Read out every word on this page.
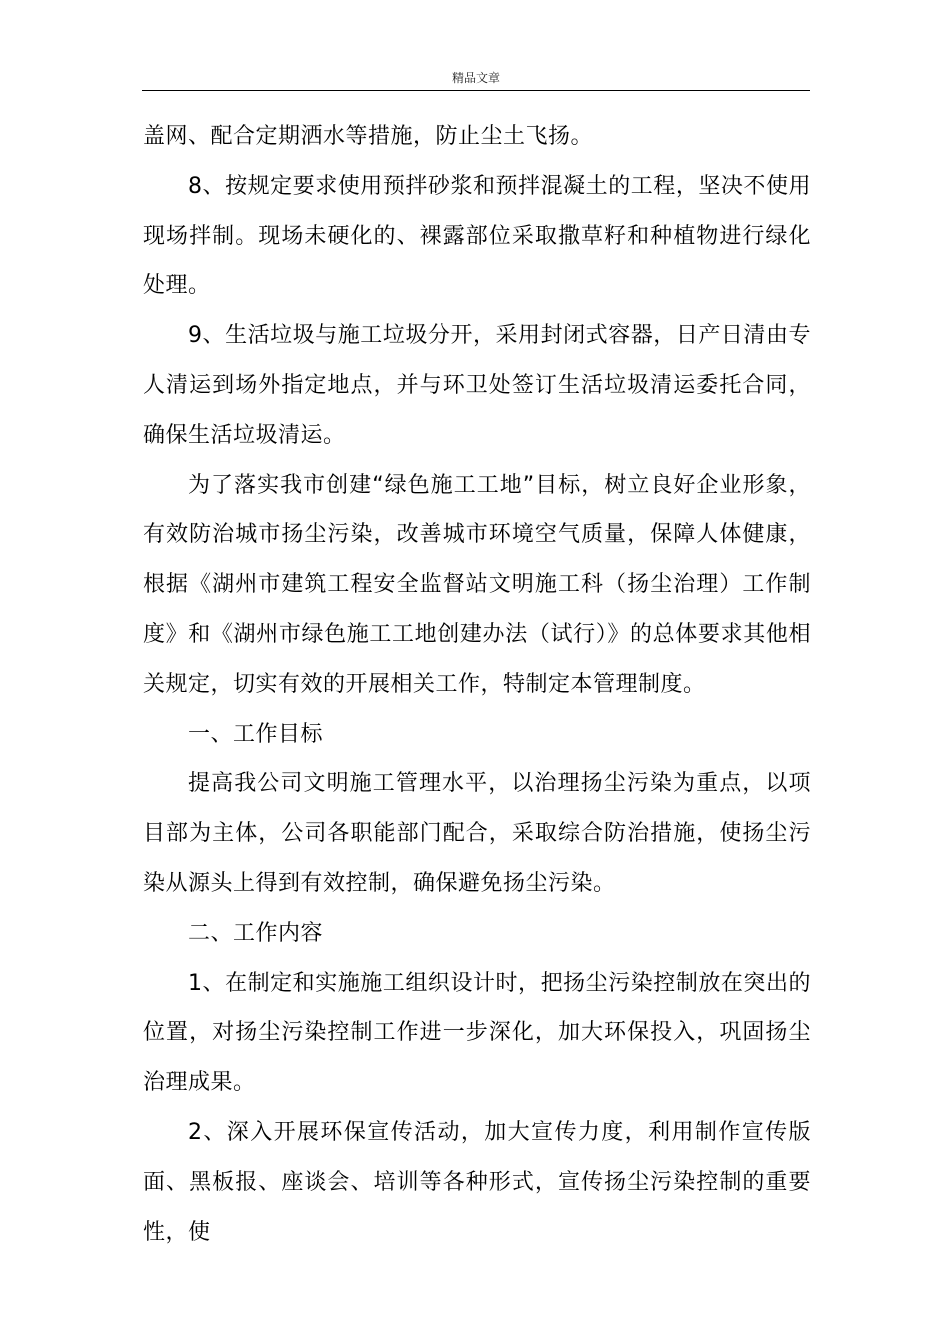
精品文章

盖网、配合定期洒水等措施，防止尘土飞扬。

8、按规定要求使用预拌砂浆和预拌混凝土的工程，坚决不使用现场拌制。现场未硬化的、裸露部位采取撒草籽和种植物进行绿化处理。

9、生活垃圾与施工垃圾分开，采用封闭式容器，日产日清由专人清运到场外指定地点，并与环卫处签订生活垃圾清运委托合同，确保生活垃圾清运。

为了落实我市创建“绿色施工工地”目标，树立良好企业形象，有效防治城市扬尘污染，改善城市环境空气质量，保障人体健康，根据《湖州市建筑工程安全监督站文明施工科（扬尘治理）工作制度》和《湖州市绿色施工工地创建办法（试行）》的总体要求其他相关规定，切实有效的开展相关工作，特制定本管理制度。

一、工作目标

提高我公司文明施工管理水平，以治理扬尘污染为重点，以项目部为主体，公司各职能部门配合，采取综合防治措施，使扬尘污染从源头上得到有效控制，确保避免扬尘污染。

二、工作内容

1、在制定和实施施工组织设计时，把扬尘污染控制放在突出的位置，对扬尘污染控制工作进一步深化，加大环保投入，巩固扬尘治理成果。

2、深入开展环保宣传活动，加大宣传力度，利用制作宣传版面、黑板报、座谈会、培训等各种形式，宣传扬尘污染控制的重要性，使
